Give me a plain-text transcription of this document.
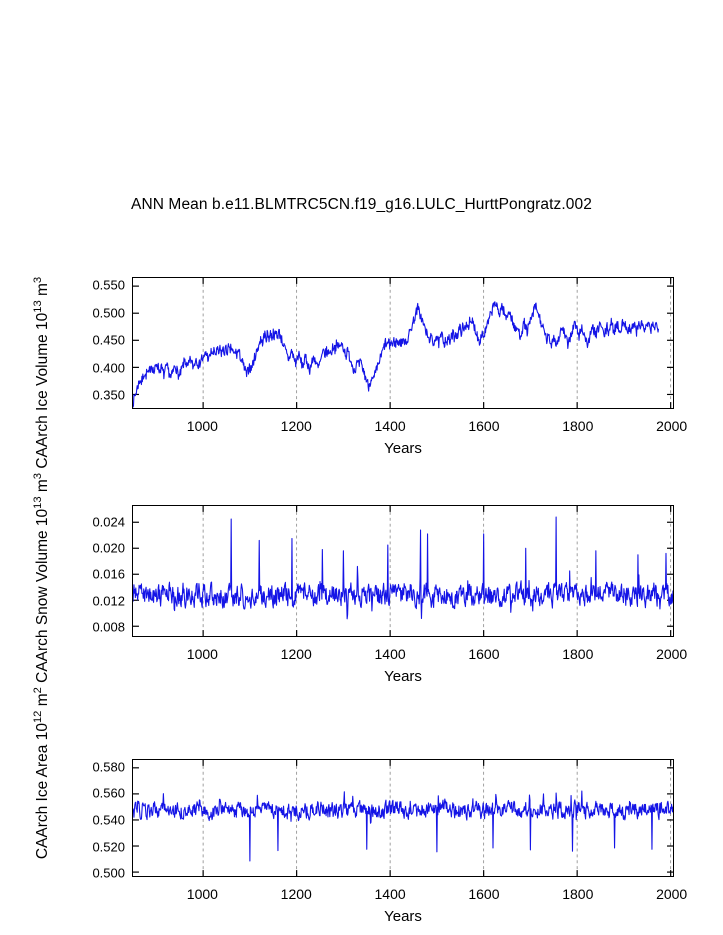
ANN Mean b.e11.BLMTRC5CN.f19_g16.LULC_HurttPongratz.002
CAArch Ice Area $10^{12}$ $m^2$ CAArch Snow Volume $10^{13}$ $m^3$ CAArch Ice Volume $10^{13}$ $m^3$
1000	1200	1400	1600	1800	2000
0.350
0.400
0.450
0.500
0.550
Years
1000	1200	1400	1600	1800	2000
0.008
0.012
0.016
0.020
0.024
Years
1000	1200	1400	1600	1800	2000
0.500
0.520
0.540
0.560
0.580
Years
